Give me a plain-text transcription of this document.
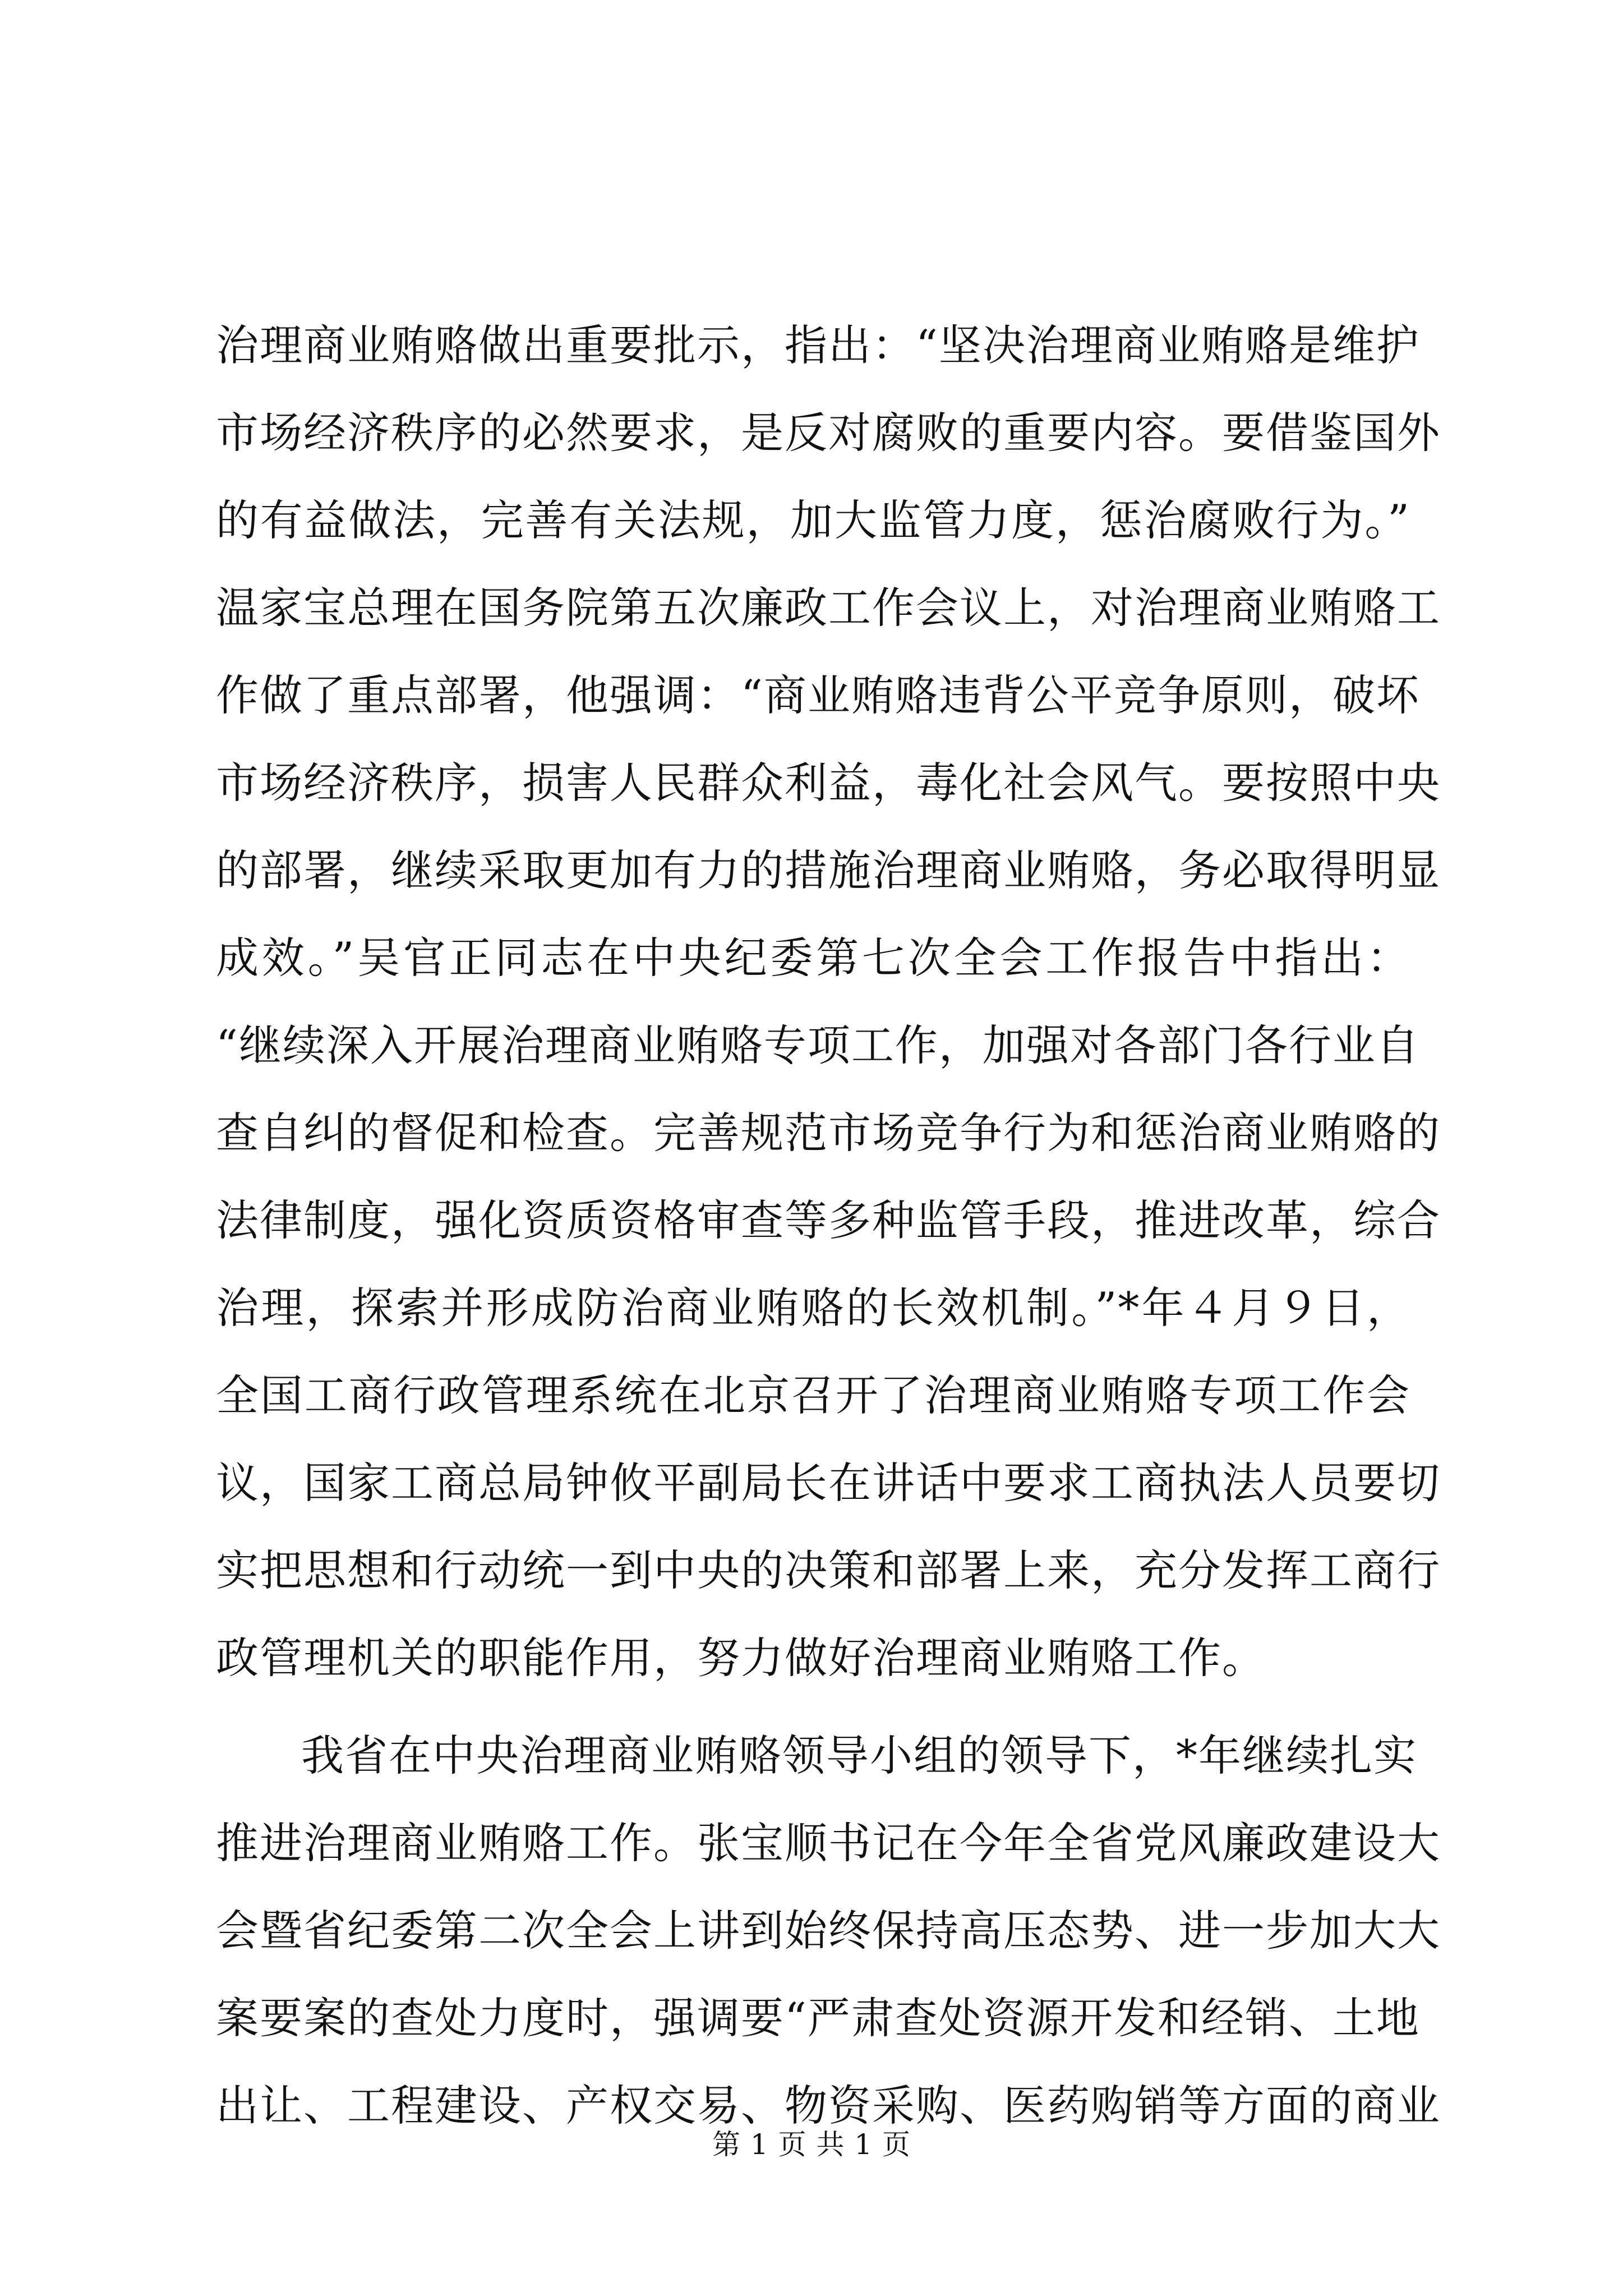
治理商业贿赂做出重要批示，指出：“坚决治理商业贿赂是维护
市场经济秩序的必然要求，是反对腐败的重要内容。要借鉴国外
的有益做法，完善有关法规，加大监管力度，惩治腐败行为。”
温家宝总理在国务院第五次廉政工作会议上，对治理商业贿赂工
作做了重点部署，他强调：“商业贿赂违背公平竞争原则，破坏
市场经济秩序，损害人民群众利益，毒化社会风气。要按照中央
的部署，继续采取更加有力的措施治理商业贿赂，务必取得明显
成效。”吴官正同志在中央纪委第七次全会工作报告中指出：
“继续深入开展治理商业贿赂专项工作，加强对各部门各行业自
查自纠的督促和检查。完善规范市场竞争行为和惩治商业贿赂的
法律制度，强化资质资格审查等多种监管手段，推进改革，综合
治理，探索并形成防治商业贿赂的长效机制。”*年４月９日，
全国工商行政管理系统在北京召开了治理商业贿赂专项工作会
议，国家工商总局钟攸平副局长在讲话中要求工商执法人员要切
实把思想和行动统一到中央的决策和部署上来，充分发挥工商行
政管理机关的职能作用，努力做好治理商业贿赂工作。
我省在中央治理商业贿赂领导小组的领导下，*年继续扎实
推进治理商业贿赂工作。张宝顺书记在今年全省党风廉政建设大
会暨省纪委第二次全会上讲到始终保持高压态势、进一步加大大
案要案的查处力度时，强调要“严肃查处资源开发和经销、土地
出让、工程建设、产权交易、物资采购、医药购销等方面的商业
第 1 页 共 1 页
